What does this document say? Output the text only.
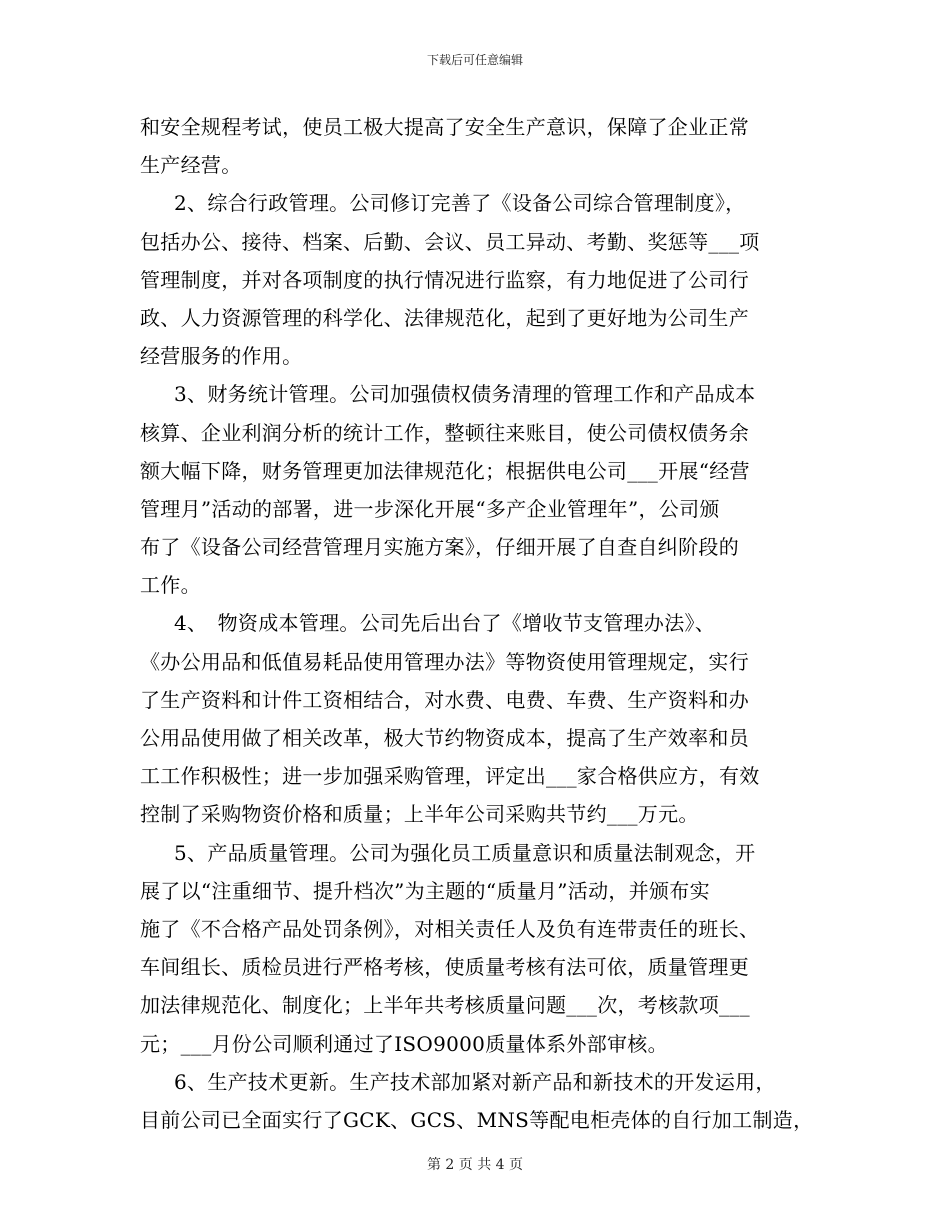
下载后可任意编辑
和安全规程考试，使员工极大提高了安全生产意识，保障了企业正常
生产经营。
2、综合行政管理。公司修订完善了《设备公司综合管理制度》，
包括办公、接待、档案、后勤、会议、员工异动、考勤、奖惩等___项
管理制度，并对各项制度的执行情况进行监察，有力地促进了公司行
政、人力资源管理的科学化、法律规范化，起到了更好地为公司生产
经营服务的作用。
3、财务统计管理。公司加强债权债务清理的管理工作和产品成本
核算、企业利润分析的统计工作，整顿往来账目，使公司债权债务余
额大幅下降，财务管理更加法律规范化；根据供电公司___开展“经营
管理月”活动的部署，进一步深化开展“多产企业管理年”，公司颁
布了《设备公司经营管理月实施方案》，仔细开展了自查自纠阶段的
工作。
4、　物资成本管理。公司先后出台了《增收节支管理办法》、
《办公用品和低值易耗品使用管理办法》等物资使用管理规定，实行
了生产资料和计件工资相结合，对水费、电费、车费、生产资料和办
公用品使用做了相关改革，极大节约物资成本，提高了生产效率和员
工工作积极性；进一步加强采购管理，评定出___家合格供应方，有效
控制了采购物资价格和质量；上半年公司采购共节约___万元。
5、产品质量管理。公司为强化员工质量意识和质量法制观念，开
展了以“注重细节、提升档次”为主题的“质量月”活动，并颁布实
施了《不合格产品处罚条例》，对相关责任人及负有连带责任的班长、
车间组长、质检员进行严格考核，使质量考核有法可依，质量管理更
加法律规范化、制度化；上半年共考核质量问题___次，考核款项___
元；___月份公司顺利通过了ISO9000质量体系外部审核。
6、生产技术更新。生产技术部加紧对新产品和新技术的开发运用，
目前公司已全面实行了GCK、GCS、MNS等配电柜壳体的自行加工制造，
第 2 页 共 4 页
